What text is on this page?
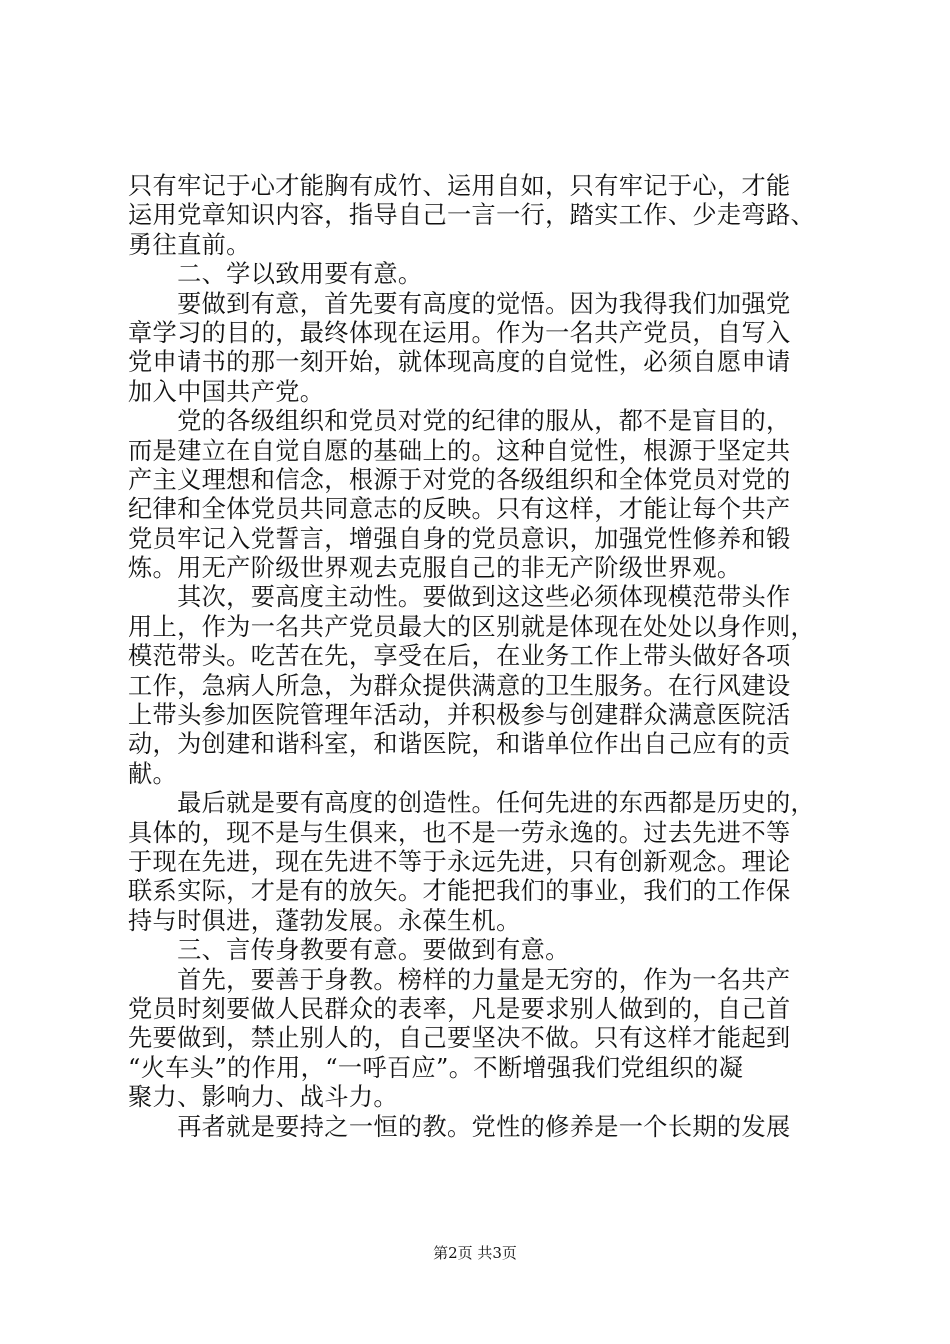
只有牢记于心才能胸有成竹、运用自如，只有牢记于心，才能
运用党章知识内容，指导自己一言一行，踏实工作、少走弯路、
勇往直前。
　　二、学以致用要有意。
　　要做到有意，首先要有高度的觉悟。因为我得我们加强党
章学习的目的，最终体现在运用。作为一名共产党员，自写入
党申请书的那一刻开始，就体现高度的自觉性，必须自愿申请
加入中国共产党。
　　党的各级组织和党员对党的纪律的服从，都不是盲目的，
而是建立在自觉自愿的基础上的。这种自觉性，根源于坚定共
产主义理想和信念，根源于对党的各级组织和全体党员对党的
纪律和全体党员共同意志的反映。只有这样，才能让每个共产
党员牢记入党誓言，增强自身的党员意识，加强党性修养和锻
炼。用无产阶级世界观去克服自己的非无产阶级世界观。
　　其次，要高度主动性。要做到这这些必须体现模范带头作
用上，作为一名共产党员最大的区别就是体现在处处以身作则，
模范带头。吃苦在先，享受在后，在业务工作上带头做好各项
工作，急病人所急，为群众提供满意的卫生服务。在行风建设
上带头参加医院管理年活动，并积极参与创建群众满意医院活
动，为创建和谐科室，和谐医院，和谐单位作出自己应有的贡
献。
　　最后就是要有高度的创造性。任何先进的东西都是历史的，
具体的，现不是与生俱来，也不是一劳永逸的。过去先进不等
于现在先进，现在先进不等于永远先进，只有创新观念。理论
联系实际，才是有的放矢。才能把我们的事业，我们的工作保
持与时俱进，蓬勃发展。永葆生机。
　　三、言传身教要有意。要做到有意。
　　首先，要善于身教。榜样的力量是无穷的，作为一名共产
党员时刻要做人民群众的表率，凡是要求别人做到的，自己首
先要做到，禁止别人的，自己要坚决不做。只有这样才能起到
“火车头”的作用，“一呼百应”。不断增强我们党组织的凝
聚力、影响力、战斗力。
　　再者就是要持之一恒的教。党性的修养是一个长期的发展
第2页 共3页
